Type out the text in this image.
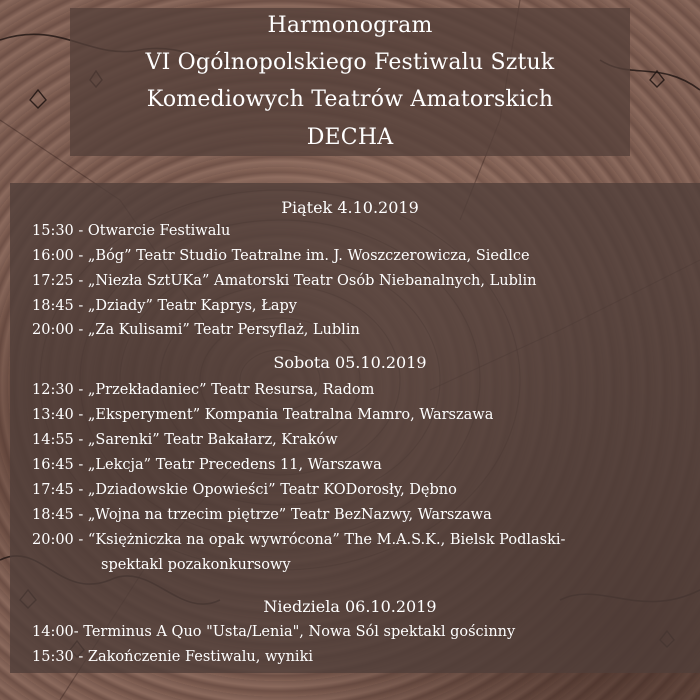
Harmonogram
VI Ogólnopolskiego Festiwalu Sztuk
Komediowych Teatrów Amatorskich
DECHA
Piątek 4.10.2019
15:30 - Otwarcie Festiwalu
16:00 - „Bóg” Teatr Studio Teatralne im. J. Woszczerowicza, Siedlce
17:25 - „Niezła SztUKa” Amatorski Teatr Osób Niebanalnych, Lublin
18:45 - „Dziady” Teatr Kaprys, Łapy
20:00 - „Za Kulisami” Teatr Persyflaż, Lublin
Sobota 05.10.2019
12:30 - „Przekładaniec” Teatr Resursa, Radom
13:40 - „Eksperyment” Kompania Teatralna Mamro, Warszawa
14:55 - „Sarenki” Teatr Bakałarz, Kraków
16:45 - „Lekcja” Teatr Precedens 11, Warszawa
17:45 - „Dziadowskie Opowieści” Teatr KODorosły, Dębno
18:45 - „Wojna na trzecim piętrze” Teatr BezNazwy, Warszawa
20:00 - “Księżniczka na opak wywrócona” The M.A.S.K., Bielsk Podlaski-
spektakl pozakonkursowy
Niedziela 06.10.2019
14:00- Terminus A Quo "Usta/Lenia", Nowa Sól spektakl gościnny
15:30 - Zakończenie Festiwalu, wyniki
